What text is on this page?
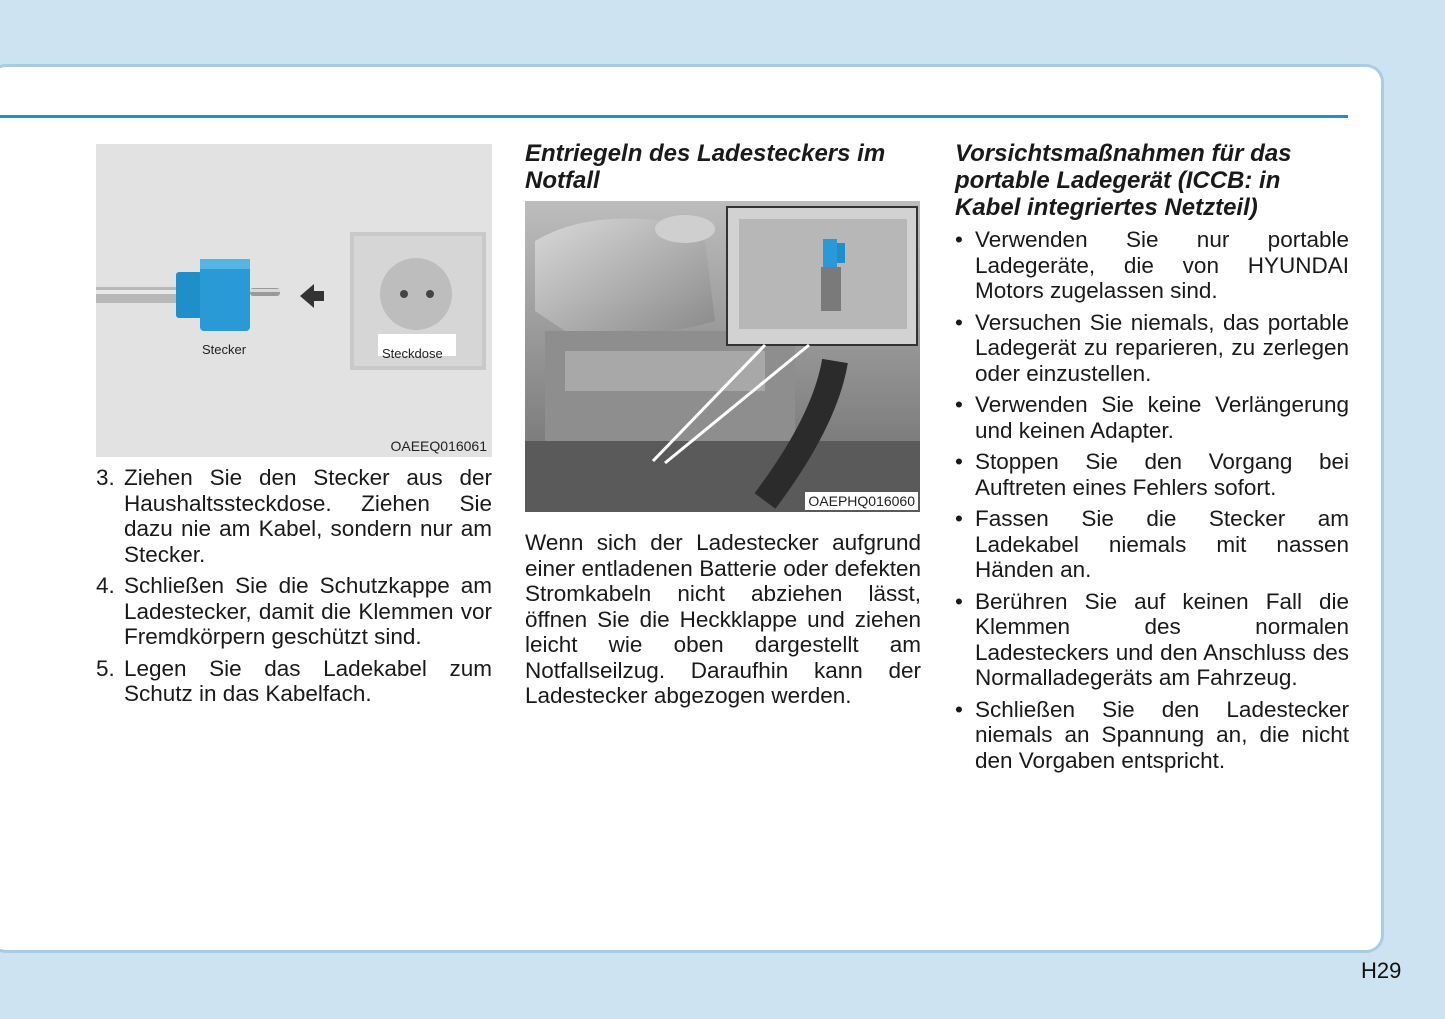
Stecker	Steckdose
OAEEQ016061
3. Ziehen Sie den Stecker aus der Haushaltssteckdose. Ziehen Sie dazu nie am Kabel, sondern nur am Stecker.
4. Schließen Sie die Schutzkappe am Ladestecker, damit die Klemmen vor Fremdkörpern geschützt sind.
5. Legen Sie das Ladekabel zum Schutz in das Kabelfach.
Entriegeln des Ladesteckers im Notfall
OAEPHQ016060

Wenn sich der Ladestecker aufgrund einer entladenen Batterie oder defekten Stromkabeln nicht abziehen lässt, öffnen Sie die Heckklappe und ziehen leicht wie oben dargestellt am Notfallseilzug. Daraufhin kann der Ladestecker abgezogen werden.

Vorsichtsmaßnahmen für das portable Ladegerät (ICCB: in Kabel integriertes Netzteil)
• Verwenden Sie nur portable Ladegeräte, die von HYUNDAI Motors zugelassen sind.
• Versuchen Sie niemals, das portable Ladegerät zu reparieren, zu zerlegen oder einzustellen.
• Verwenden Sie keine Verlängerung und keinen Adapter.
• Stoppen Sie den Vorgang bei Auftreten eines Fehlers sofort.
• Fassen Sie die Stecker am Ladekabel niemals mit nassen Händen an.
• Berühren Sie auf keinen Fall die Klemmen des normalen Ladesteckers und den Anschluss des Normalladegeräts am Fahrzeug.
• Schließen Sie den Ladestecker niemals an Spannung an, die nicht den Vorgaben entspricht.
H29
